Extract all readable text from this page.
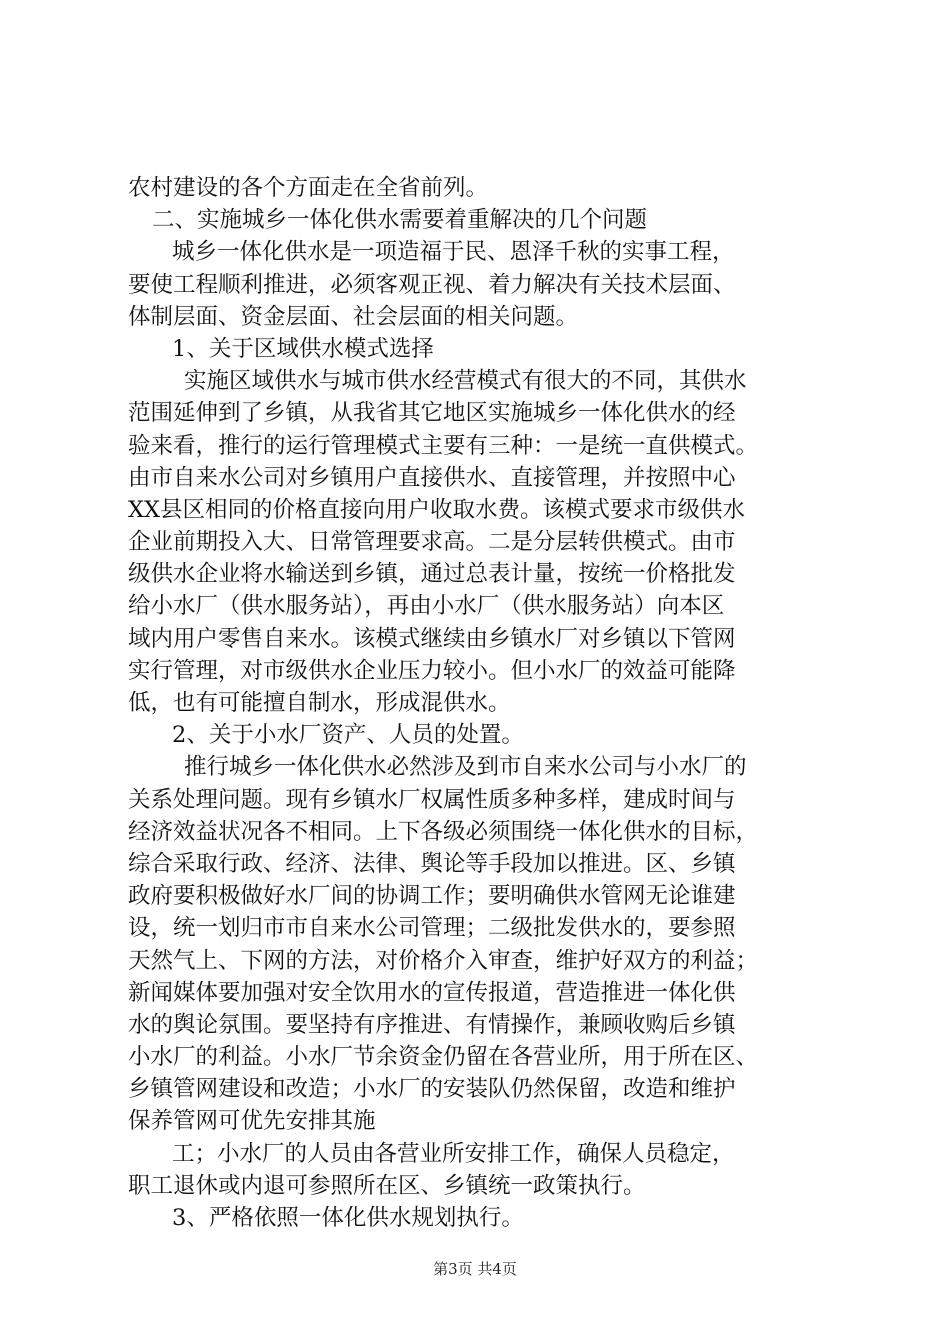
农村建设的各个方面走在全省前列。
二、实施城乡一体化供水需要着重解决的几个问题
城乡一体化供水是一项造福于民、恩泽千秋的实事工程，
要使工程顺利推进，必须客观正视、着力解决有关技术层面、
体制层面、资金层面、社会层面的相关问题。
1、关于区域供水模式选择
实施区域供水与城市供水经营模式有很大的不同，其供水
范围延伸到了乡镇，从我省其它地区实施城乡一体化供水的经
验来看，推行的运行管理模式主要有三种：一是统一直供模式。
由市自来水公司对乡镇用户直接供水、直接管理，并按照中心
XX县区相同的价格直接向用户收取水费。该模式要求市级供水
企业前期投入大、日常管理要求高。二是分层转供模式。由市
级供水企业将水输送到乡镇，通过总表计量，按统一价格批发
给小水厂（供水服务站），再由小水厂（供水服务站）向本区
域内用户零售自来水。该模式继续由乡镇水厂对乡镇以下管网
实行管理，对市级供水企业压力较小。但小水厂的效益可能降
低，也有可能擅自制水，形成混供水。
2、关于小水厂资产、人员的处置。
推行城乡一体化供水必然涉及到市自来水公司与小水厂的
关系处理问题。现有乡镇水厂权属性质多种多样，建成时间与
经济效益状况各不相同。上下各级必须围绕一体化供水的目标，
综合采取行政、经济、法律、舆论等手段加以推进。区、乡镇
政府要积极做好水厂间的协调工作；要明确供水管网无论谁建
设，统一划归市市自来水公司管理；二级批发供水的，要参照
天然气上、下网的方法，对价格介入审查，维护好双方的利益；
新闻媒体要加强对安全饮用水的宣传报道，营造推进一体化供
水的舆论氛围。要坚持有序推进、有情操作，兼顾收购后乡镇
小水厂的利益。小水厂节余资金仍留在各营业所，用于所在区、
乡镇管网建设和改造；小水厂的安装队仍然保留，改造和维护
保养管网可优先安排其施
工；小水厂的人员由各营业所安排工作，确保人员稳定，
职工退休或内退可参照所在区、乡镇统一政策执行。
3、严格依照一体化供水规划执行。
第3页 共4页
